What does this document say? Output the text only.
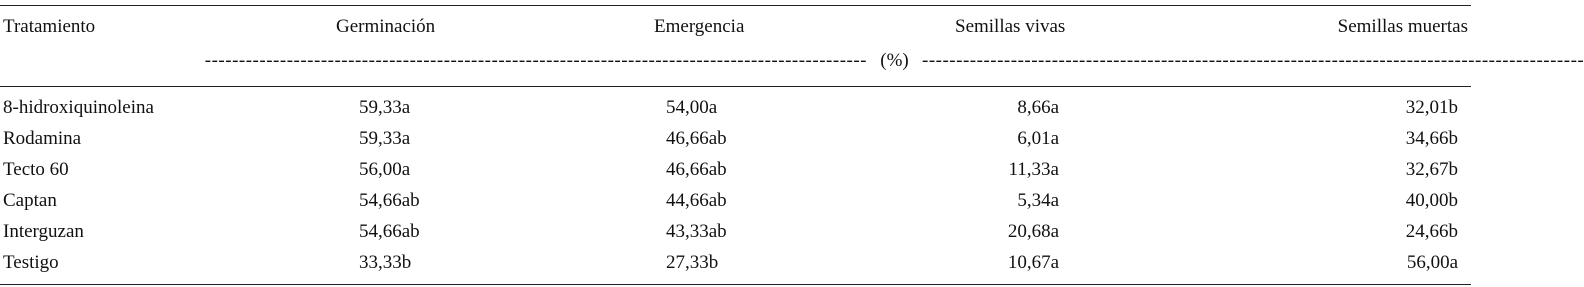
Tratamiento	Germinación	Emergencia	Semillas vivas	Semillas muertas
------------------------------------------------------------------------------------------------- (%) -------------------------------------------------------------------------------------------------
8-hidroxiquinoleina	59,33a	54,00a	8,66a	32,01b
Rodamina	59,33a	46,66ab	6,01a	34,66b
Tecto 60	56,00a	46,66ab	11,33a	32,67b
Captan	54,66ab	44,66ab	5,34a	40,00b
Interguzan	54,66ab	43,33ab	20,68a	24,66b
Testigo	33,33b	27,33b	10,67a	56,00a
